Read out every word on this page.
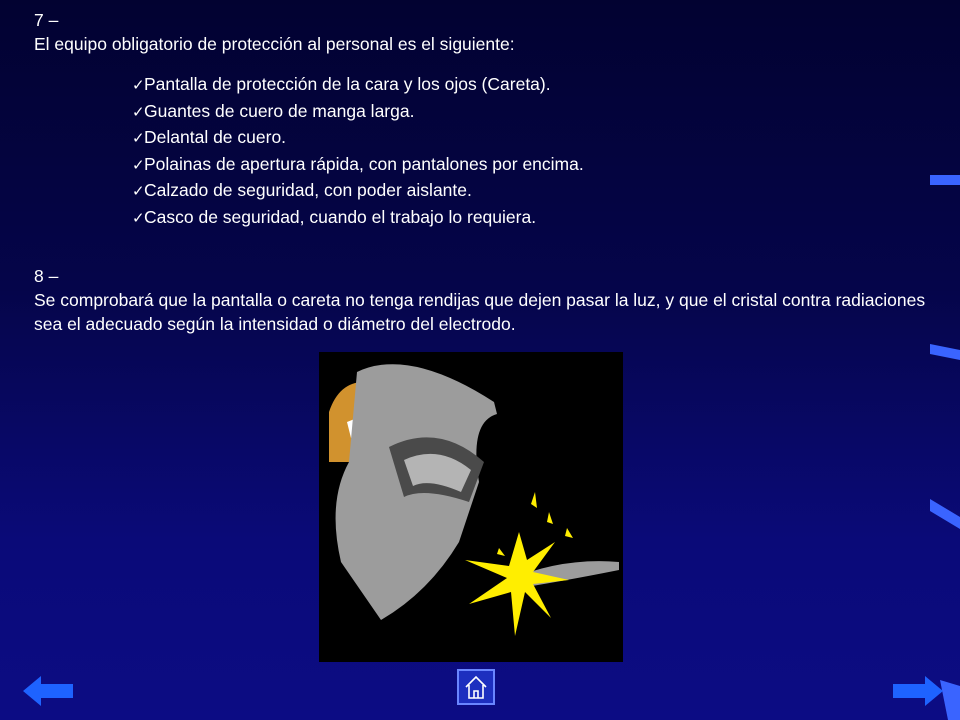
7 –
El equipo obligatorio de protección al personal es el siguiente:
✓Pantalla de protección de la cara y los ojos (Careta).
✓Guantes de cuero de manga larga.
✓Delantal de cuero.
✓Polainas de apertura rápida, con pantalones por encima.
✓Calzado de seguridad, con poder aislante.
✓Casco de seguridad, cuando el trabajo lo requiera.
8 –
Se comprobará que la pantalla o careta no tenga rendijas que dejen pasar la luz, y que el cristal contra radiaciones sea el adecuado según la intensidad o diámetro del electrodo.
